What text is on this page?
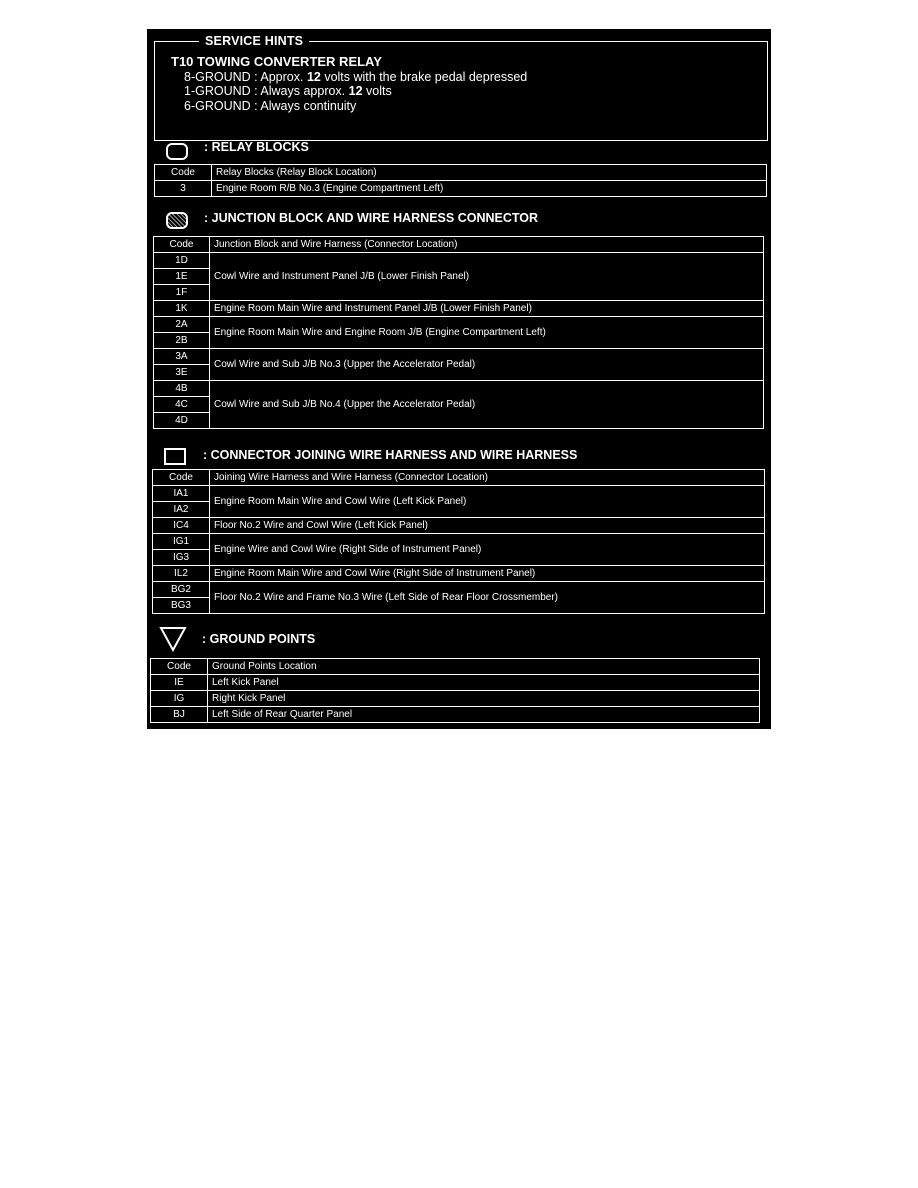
SERVICE HINTS
T10 TOWING CONVERTER RELAY
8-GROUND : Approx. 12 volts with the brake pedal depressed
1-GROUND : Always approx. 12 volts
6-GROUND : Always continuity
: RELAY BLOCKS
Code	Relay Blocks (Relay Block Location)
3	Engine Room R/B No.3 (Engine Compartment Left)
: JUNCTION BLOCK AND WIRE HARNESS CONNECTOR
Code	Junction Block and Wire Harness (Connector Location)
1D	Cowl Wire and Instrument Panel J/B (Lower Finish Panel)
1E	
1F	
1K	Engine Room Main Wire and Instrument Panel J/B (Lower Finish Panel)
2A	Engine Room Main Wire and Engine Room J/B (Engine Compartment Left)
2B	
3A	Cowl Wire and Sub J/B No.3 (Upper the Accelerator Pedal)
3E	
4B	Cowl Wire and Sub J/B No.4 (Upper the Accelerator Pedal)
4C	
4D	
: CONNECTOR JOINING WIRE HARNESS AND WIRE HARNESS
Code	Joining Wire Harness and Wire Harness (Connector Location)
IA1	Engine Room Main Wire and Cowl Wire (Left Kick Panel)
IA2	
IC4	Floor No.2 Wire and Cowl Wire (Left Kick Panel)
IG1	Engine Wire and Cowl Wire (Right Side of Instrument Panel)
IG3	
IL2	Engine Room Main Wire and Cowl Wire (Right Side of Instrument Panel)
BG2	Floor No.2 Wire and Frame No.3 Wire (Left Side of Rear Floor Crossmember)
BG3	
: GROUND POINTS
Code	Ground Points Location
IE	Left Kick Panel
IG	Right Kick Panel
BJ	Left Side of Rear Quarter Panel
